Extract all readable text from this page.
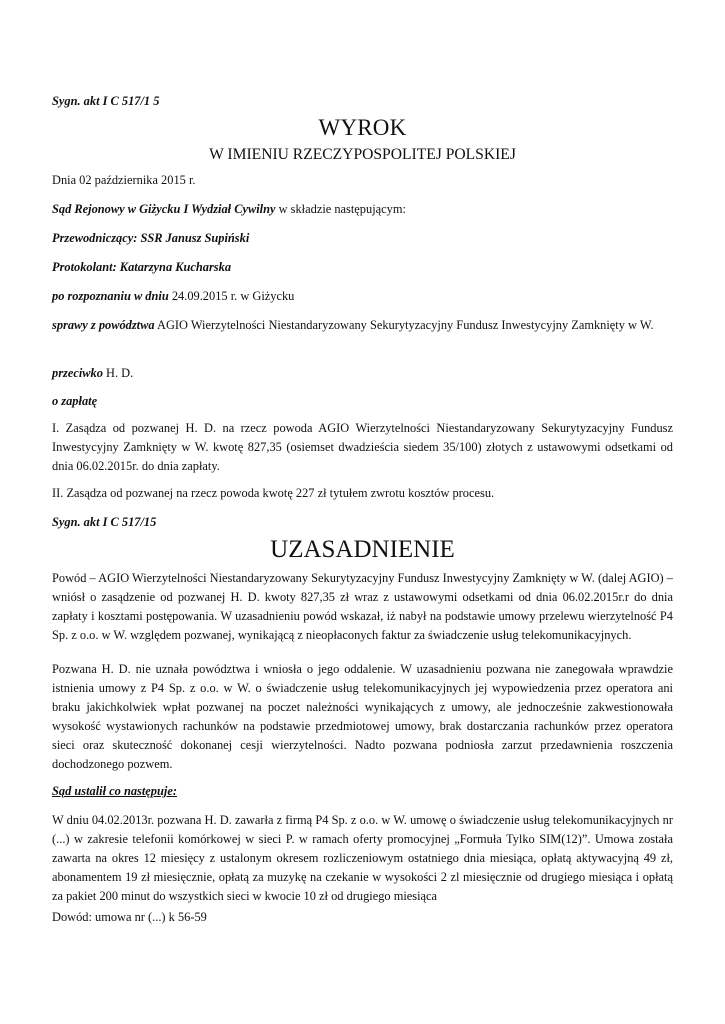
Sygn. akt I C 517/1 5

WYROK

W IMIENIU RZECZYPOSPOLITEJ POLSKIEJ

Dnia 02 października 2015 r.

Sąd Rejonowy w Giżycku I Wydział Cywilny w składzie następującym:

Przewodniczący: SSR Janusz Supiński

Protokolant: Katarzyna Kucharska

po rozpoznaniu w dniu 24.09.2015 r. w Giżycku

sprawy z powództwa AGIO Wierzytelności Niestandaryzowany Sekurytyzacyjny Fundusz Inwestycyjny Zamknięty w W.

przeciwko H. D.

o zapłatę

I. Zasądza od pozwanej H. D. na rzecz powoda AGIO Wierzytelności Niestandaryzowany Sekurytyzacyjny Fundusz Inwestycyjny Zamknięty w W. kwotę 827,35 (osiemset dwadzieścia siedem 35/100) złotych z ustawowymi odsetkami od dnia 06.02.2015r. do dnia zapłaty.

II. Zasądza od pozwanej na rzecz powoda kwotę 227 zł tytułem zwrotu kosztów procesu.

Sygn. akt I C 517/15

UZASADNIENIE

Powód – AGIO Wierzytelności Niestandaryzowany Sekurytyzacyjny Fundusz Inwestycyjny Zamknięty w W. (dalej AGIO) – wniósł o zasądzenie od pozwanej H. D. kwoty 827,35 zł wraz z ustawowymi odsetkami od dnia 06.02.2015r.r do dnia zapłaty i kosztami postępowania. W uzasadnieniu powód wskazał, iż nabył na podstawie umowy przelewu wierzytelność P4 Sp. z o.o. w W. względem pozwanej, wynikającą z nieopłaconych faktur za świadczenie usług telekomunikacyjnych.

Pozwana H. D. nie uznała powództwa i wniosła o jego oddalenie. W uzasadnieniu pozwana nie zanegowała wprawdzie istnienia umowy z P4 Sp. z o.o. w W. o świadczenie usług telekomunikacyjnych jej wypowiedzenia przez operatora ani braku jakichkolwiek wpłat pozwanej na poczet należności wynikających z umowy, ale jednocześnie zakwestionowała wysokość wystawionych rachunków na podstawie przedmiotowej umowy, brak dostarczania rachunków przez operatora sieci oraz skuteczność dokonanej cesji wierzytelności. Nadto pozwana podniosła zarzut przedawnienia roszczenia dochodzonego pozwem.

Sąd ustalił co następuje:

W dniu 04.02.2013r. pozwana H. D. zawarła z firmą P4 Sp. z o.o. w W. umowę o świadczenie usług telekomunikacyjnych nr (...) w zakresie telefonii komórkowej w sieci P. w ramach oferty promocyjnej „Formuła Tylko SIM(12)”. Umowa została zawarta na okres 12 miesięcy z ustalonym okresem rozliczeniowym ostatniego dnia miesiąca, opłatą aktywacyjną 49 zł, abonamentem 19 zł miesięcznie, opłatą za muzykę na czekanie w wysokości 2 zl miesięcznie od drugiego miesiąca i opłatą za pakiet 200 minut do wszystkich sieci w kwocie 10 zł od drugiego miesiąca

Dowód: umowa nr (...) k 56-59
